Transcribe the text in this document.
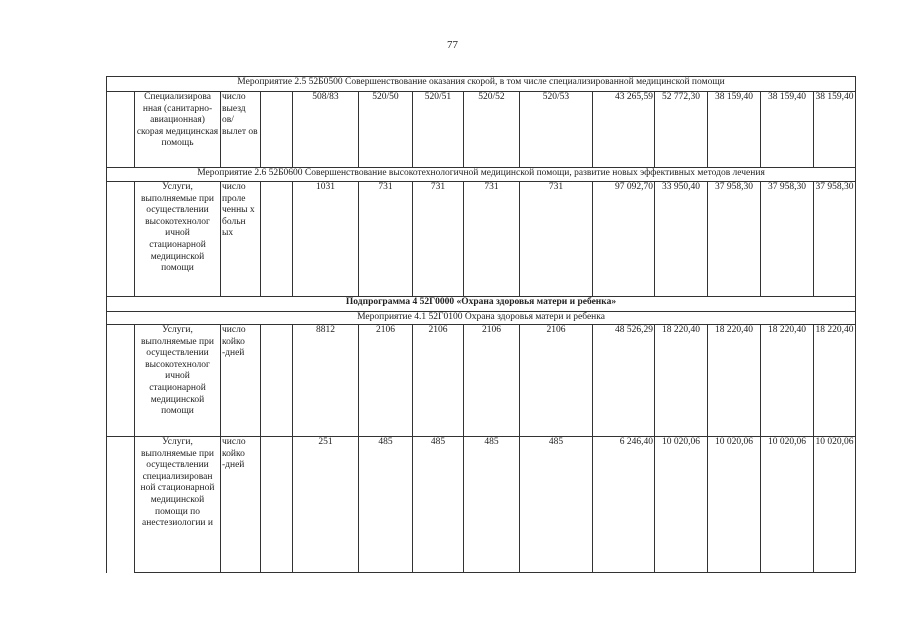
77
Мероприятие 2.5 52Б0500 Совершенствование оказания скорой, в том числе специализированной медицинской помощи													
	Специализирова нная (санитарно- авиационная) скорая медицинская помощь	число выезд ов/ вылет ов		508/83	520/50	520/51	520/52	520/53	43 265,59	52 772,30	38 159,40	38 159,40	38 159,40
Мероприятие 2.6 52Б0600 Совершенствование высокотехнологичной медицинской помощи, развитие новых эффективных методов лечения													
	Услуги, выполняемые при осуществлении высокотехнолог ичной стационарной медицинской помощи	число проле ченны х больн ых		1031	731	731	731	731	97 092,70	33 950,40	37 958,30	37 958,30	37 958,30
Подпрограмма 4 52Г0000 «Охрана здоровья матери и ребенка»													
Мероприятие 4.1 52Г0100 Охрана здоровья матери и ребенка													
	Услуги, выполняемые при осуществлении высокотехнолог ичной стационарной медицинской помощи	число койко -дней		8812	2106	2106	2106	2106	48 526,29	18 220,40	18 220,40	18 220,40	18 220,40
	Услуги, выполняемые при осуществлении специализирован ной стационарной медицинской помощи по анестезиологии и	число койко -дней		251	485	485	485	485	6 246,40	10 020,06	10 020,06	10 020,06	10 020,06
